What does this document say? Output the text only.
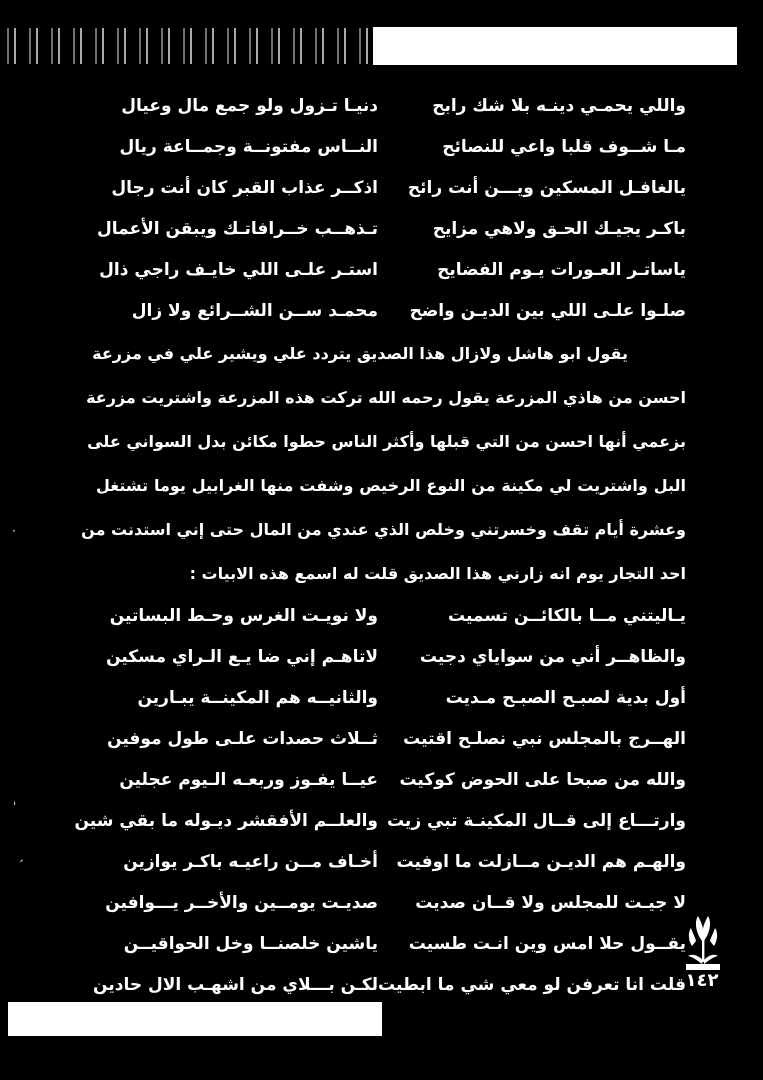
واللي يحمـي دينـه بلا شك رابح
دنيـا تـزول ولو جمع مال وعيال
مـا شــوف قلبا واعي للنصائح
النــاس مفتونــة وجمــاعة ريال
يالغافـل المسكين ويـــن أنت رائح
اذكــر عذاب القبر كان أنت رجال
باكـر يجيـك الحـق ولاهي مزايح
تـذهــب خــرافاتـك ويبقن الأعمال
ياساتـر العـورات يـوم الفضايح
استـر علـى اللي خايـف راجي ذال
صلـوا علـى اللي بين الديـن واضح
محمـد ســن الشــرائع ولا زال
يقول ابو هاشل ولازال هذا الصديق يتردد علي ويشير علي في مزرعة
احسن من هاذي المزرعة يقول رحمه الله تركت هذه المزرعة واشتريت مزرعة
بزعمي أنها احسن من التي قبلها وأكثر الناس حطوا مكائن بدل السواني على
البل واشتريت لي مكينة من النوع الرخيص وشفت منها الغرابيل يوما تشتغل
وعشرة أيام تقف وخسرتني وخلص الذي عندي من المال حتى إني استدنت من
احد التجار يوم انه زارني هذا الصديق قلت له اسمع هذه الابيات :
يـاليتني مــا بالكائــن تسميت
ولا نويـت الغرس وحـط البساتين
والظاهــر أني من سواياي دجيت
لاتاهـم إني ضا يـع الـراي مسكين
أول بدية لصبـح الصبـح مـديت
والثانيــه هم المكينــة يبـارين
الهــرج بالمجلس نبي نصلـح اقتيت
ثــلاث حصدات علـى طول موفين
والله من صبحا على الحوض كوكيت
عيــا يفـوز وربعـه الـيوم عجلين
وارتـــاع إلى قــال المكينـة تبي زيت
والعلــم الأفقشر ديـوله ما بقي شين
والهـم هم الديـن مــازلت ما اوفيت
أخـاف مــن راعيـه باكـر يوازين
لا جيـت للمجلس ولا قــان صديت
صديـت يومــين والأخــر يـــوافين
يقــول حلا امس وين انـت طسيت
ياشين خلصنــا وخل الحواقيــن
قلت انا تعرفن لو معي شي ما ابطيت
لكـن بـــلاي من اشهـب الال حادين	١٤٢
·
ˈ
ˏ
